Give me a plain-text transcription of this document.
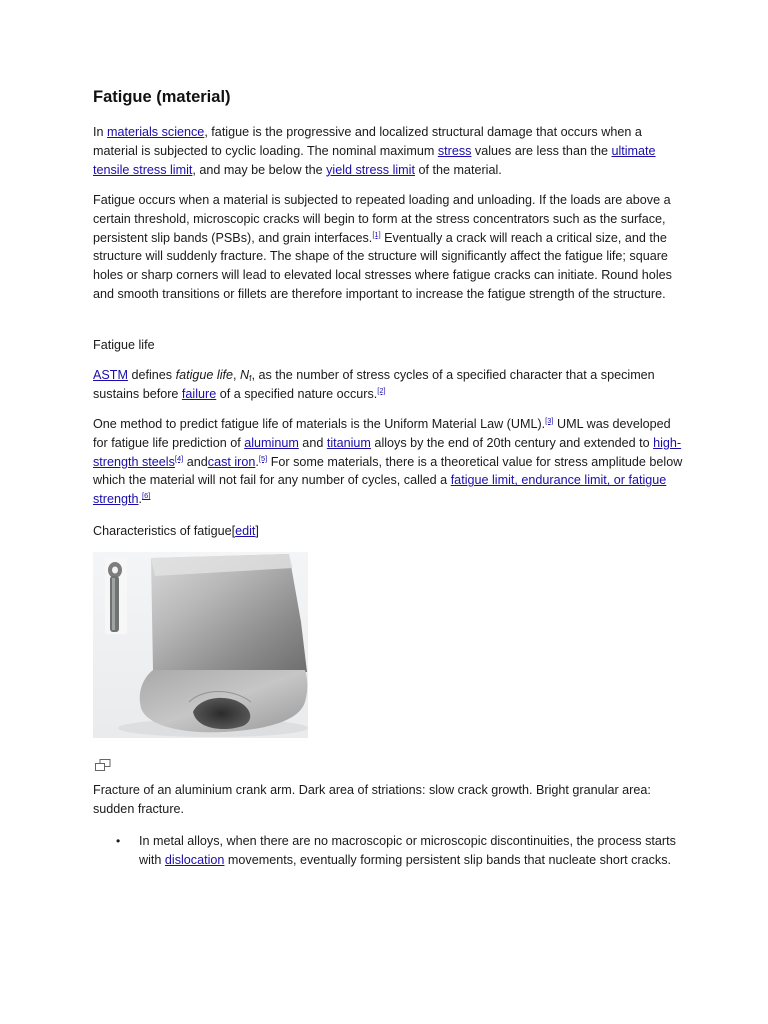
Fatigue (material)

In materials science, fatigue is the progressive and localized structural damage that occurs when a material is subjected to cyclic loading. The nominal maximum stress values are less than the ultimate tensile stress limit, and may be below the yield stress limit of the material.

Fatigue occurs when a material is subjected to repeated loading and unloading. If the loads are above a certain threshold, microscopic cracks will begin to form at the stress concentrators such as the surface, persistent slip bands (PSBs), and grain interfaces.[1] Eventually a crack will reach a critical size, and the structure will suddenly fracture. The shape of the structure will significantly affect the fatigue life; square holes or sharp corners will lead to elevated local stresses where fatigue cracks can initiate. Round holes and smooth transitions or fillets are therefore important to increase the fatigue strength of the structure.

Fatigue life

ASTM defines fatigue life, $N_f$, as the number of stress cycles of a specified character that a specimen sustains before failure of a specified nature occurs.[2]

One method to predict fatigue life of materials is the Uniform Material Law (UML).[3] UML was developed for fatigue life prediction of aluminum and titanium alloys by the end of 20th century and extended to high-strength steels[4] andcast iron.[5] For some materials, there is a theoretical value for stress amplitude below which the material will not fail for any number of cycles, called a fatigue limit, endurance limit, or fatigue strength.[6]

Characteristics of fatigue[edit]

Fracture of an aluminium crank arm. Dark area of striations: slow crack growth. Bright granular area: sudden fracture.

• In metal alloys, when there are no macroscopic or microscopic discontinuities, the process starts with dislocation movements, eventually forming persistent slip bands that nucleate short cracks.
